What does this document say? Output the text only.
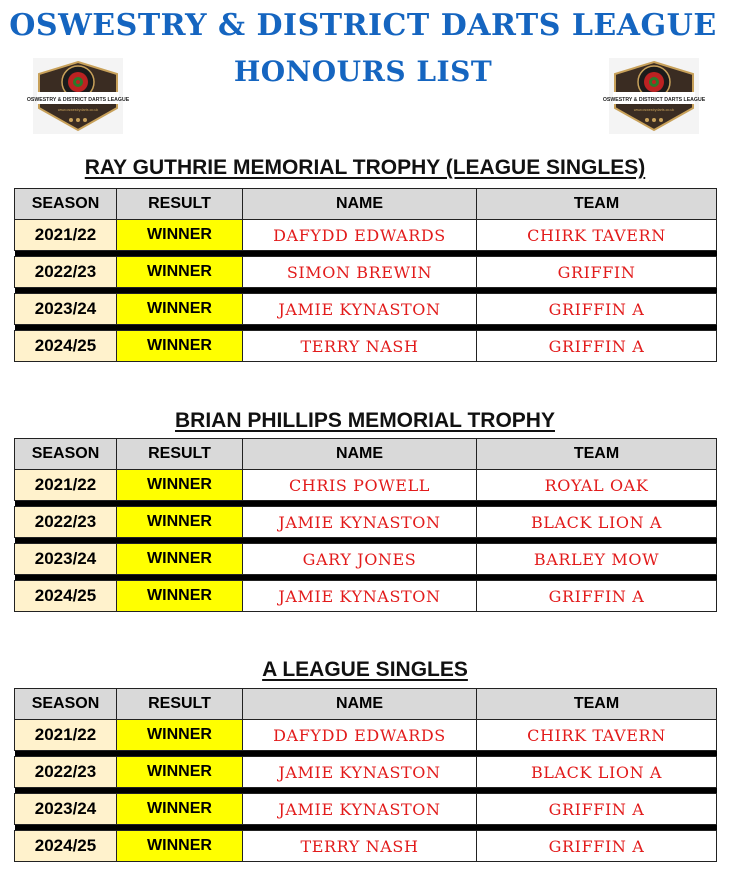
OSWESTRY & DISTRICT DARTS LEAGUE
HONOURS LIST
OSWESTRY & DISTRICT DARTS LEAGUE
www.oswestrydarts.co.uk
OSWESTRY & DISTRICT DARTS LEAGUE
www.oswestrydarts.co.uk
RAY GUTHRIE MEMORIAL TROPHY (LEAGUE SINGLES)
SEASON	RESULT	NAME	TEAM
2021/22	WINNER	DAFYDD EDWARDS	CHIRK TAVERN

2022/23	WINNER	SIMON BREWIN	GRIFFIN

2023/24	WINNER	JAMIE KYNASTON	GRIFFIN A

2024/25	WINNER	TERRY NASH	GRIFFIN A
BRIAN PHILLIPS MEMORIAL TROPHY
SEASON	RESULT	NAME	TEAM
2021/22	WINNER	CHRIS POWELL	ROYAL OAK

2022/23	WINNER	JAMIE KYNASTON	BLACK LION A

2023/24	WINNER	GARY JONES	BARLEY MOW

2024/25	WINNER	JAMIE KYNASTON	GRIFFIN A
A LEAGUE SINGLES
SEASON	RESULT	NAME	TEAM
2021/22	WINNER	DAFYDD EDWARDS	CHIRK TAVERN

2022/23	WINNER	JAMIE KYNASTON	BLACK LION A

2023/24	WINNER	JAMIE KYNASTON	GRIFFIN A

2024/25	WINNER	TERRY NASH	GRIFFIN A
